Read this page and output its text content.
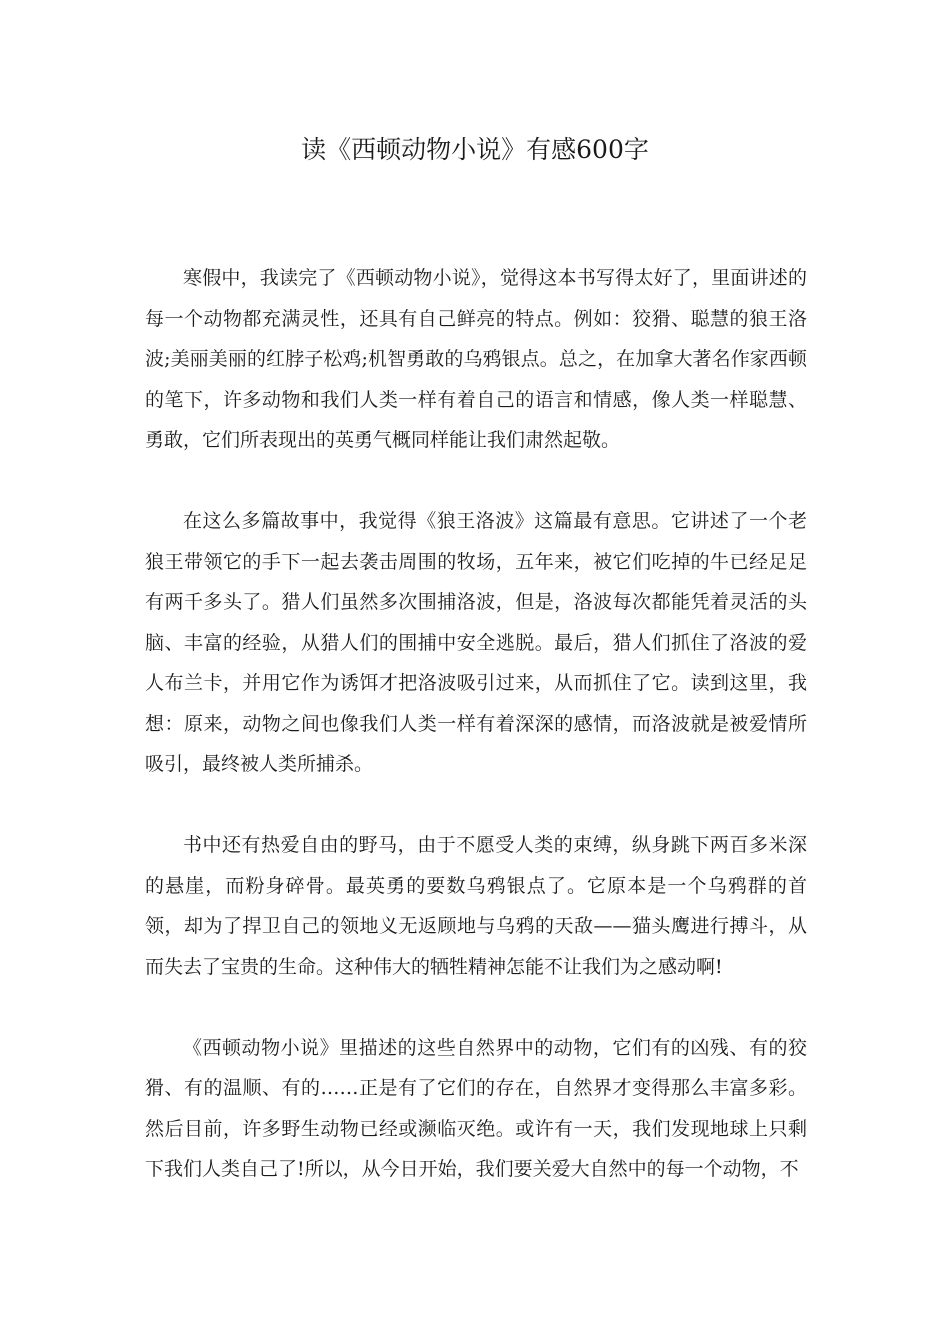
读《西顿动物小说》有感600字

寒假中，我读完了《西顿动物小说》，觉得这本书写得太好了，里面讲述的每一个动物都充满灵性，还具有自己鲜亮的特点。例如：狡猾、聪慧的狼王洛波;美丽美丽的红脖子松鸡;机智勇敢的乌鸦银点。总之，在加拿大著名作家西顿的笔下，许多动物和我们人类一样有着自己的语言和情感，像人类一样聪慧、勇敢，它们所表现出的英勇气概同样能让我们肃然起敬。

在这么多篇故事中，我觉得《狼王洛波》这篇最有意思。它讲述了一个老狼王带领它的手下一起去袭击周围的牧场，五年来，被它们吃掉的牛已经足足有两千多头了。猎人们虽然多次围捕洛波，但是，洛波每次都能凭着灵活的头脑、丰富的经验，从猎人们的围捕中安全逃脱。最后，猎人们抓住了洛波的爱人布兰卡，并用它作为诱饵才把洛波吸引过来，从而抓住了它。读到这里，我想：原来，动物之间也像我们人类一样有着深深的感情，而洛波就是被爱情所吸引，最终被人类所捕杀。

书中还有热爱自由的野马，由于不愿受人类的束缚，纵身跳下两百多米深的悬崖，而粉身碎骨。最英勇的要数乌鸦银点了。它原本是一个乌鸦群的首领，却为了捍卫自己的领地义无返顾地与乌鸦的天敌——猫头鹰进行搏斗，从而失去了宝贵的生命。这种伟大的牺牲精神怎能不让我们为之感动啊!

《西顿动物小说》里描述的这些自然界中的动物，它们有的凶残、有的狡猾、有的温顺、有的……正是有了它们的存在，自然界才变得那么丰富多彩。然后目前，许多野生动物已经或濒临灭绝。或许有一天，我们发现地球上只剩下我们人类自己了!所以，从今日开始，我们要关爱大自然中的每一个动物，不
